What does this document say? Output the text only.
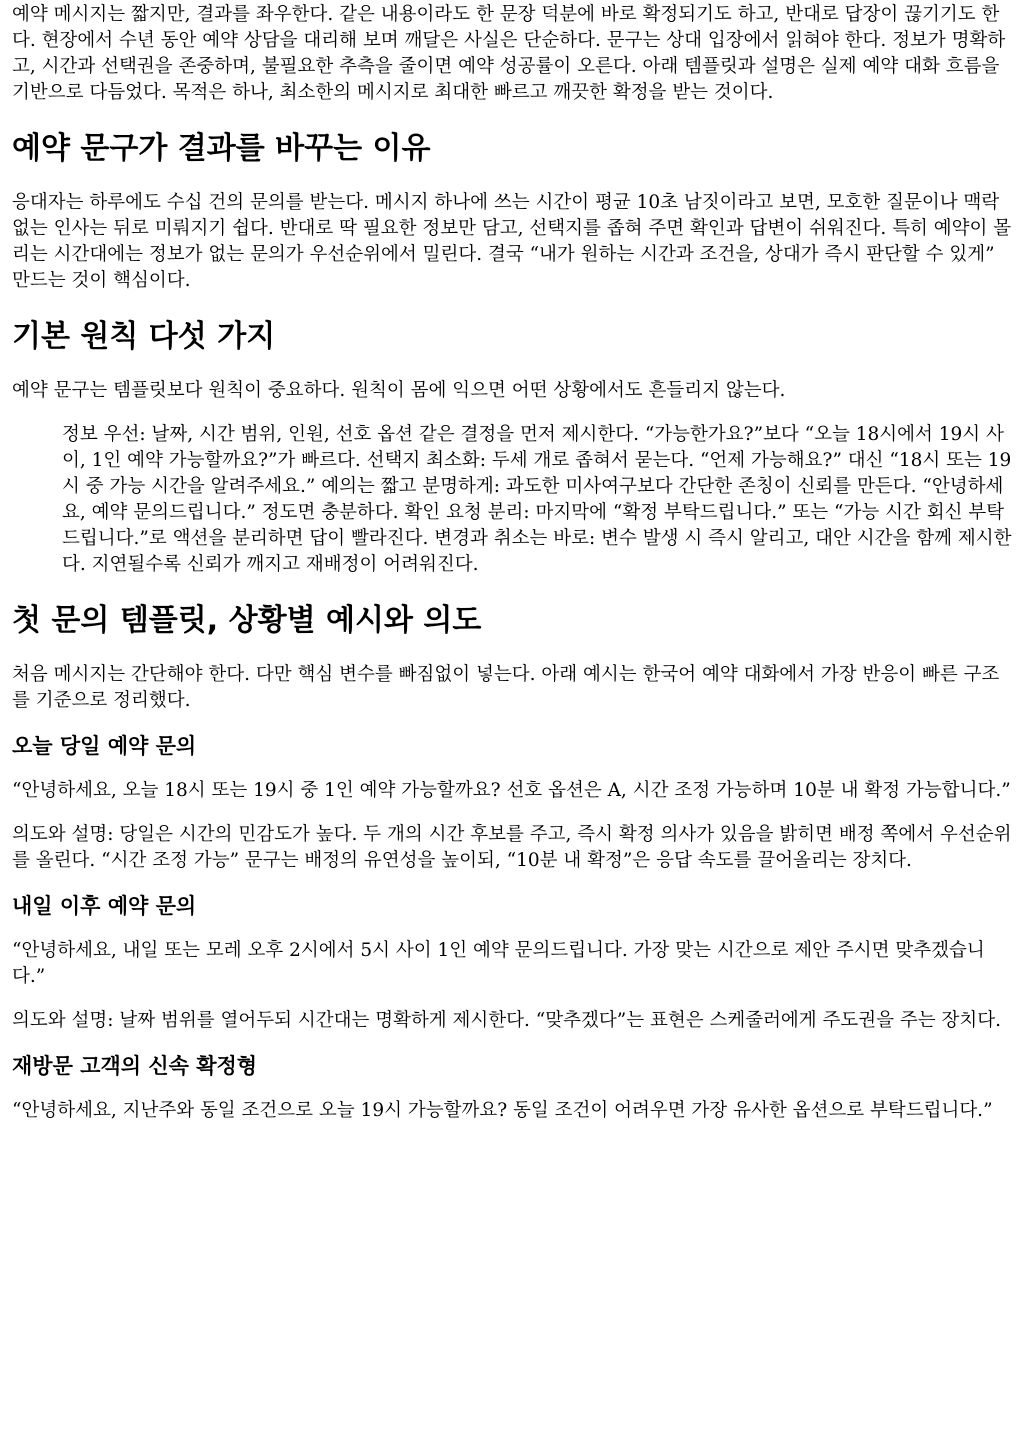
예약 메시지는 짧지만, 결과를 좌우한다. 같은 내용이라도 한 문장 덕분에 바로 확정되기도 하고, 반대로 답장이 끊기기도 한다. 현장에서 수년 동안 예약 상담을 대리해 보며 깨달은 사실은 단순하다. 문구는 상대 입장에서 읽혀야 한다. 정보가 명확하고, 시간과 선택권을 존중하며, 불필요한 추측을 줄이면 예약 성공률이 오른다. 아래 템플릿과 설명은 실제 예약 대화 흐름을 기반으로 다듬었다. 목적은 하나, 최소한의 메시지로 최대한 빠르고 깨끗한 확정을 받는 것이다.

예약 문구가 결과를 바꾸는 이유

응대자는 하루에도 수십 건의 문의를 받는다. 메시지 하나에 쓰는 시간이 평균 10초 남짓이라고 보면, 모호한 질문이나 맥락 없는 인사는 뒤로 미뤄지기 쉽다. 반대로 딱 필요한 정보만 담고, 선택지를 좁혀 주면 확인과 답변이 쉬워진다. 특히 예약이 몰리는 시간대에는 정보가 없는 문의가 우선순위에서 밀린다. 결국 “내가 원하는 시간과 조건을, 상대가 즉시 판단할 수 있게” 만드는 것이 핵심이다.

기본 원칙 다섯 가지

예약 문구는 템플릿보다 원칙이 중요하다. 원칙이 몸에 익으면 어떤 상황에서도 흔들리지 않는다.

정보 우선: 날짜, 시간 범위, 인원, 선호 옵션 같은 결정을 먼저 제시한다. “가능한가요?”보다 “오늘 18시에서 19시 사이, 1인 예약 가능할까요?”가 빠르다. 선택지 최소화: 두세 개로 좁혀서 묻는다. “언제 가능해요?” 대신 “18시 또는 19시 중 가능 시간을 알려주세요.” 예의는 짧고 분명하게: 과도한 미사여구보다 간단한 존칭이 신뢰를 만든다. “안녕하세요, 예약 문의드립니다.” 정도면 충분하다. 확인 요청 분리: 마지막에 “확정 부탁드립니다.” 또는 “가능 시간 회신 부탁드립니다.”로 액션을 분리하면 답이 빨라진다. 변경과 취소는 바로: 변수 발생 시 즉시 알리고, 대안 시간을 함께 제시한다. 지연될수록 신뢰가 깨지고 재배정이 어려워진다.
첫 문의 템플릿, 상황별 예시와 의도

처음 메시지는 간단해야 한다. 다만 핵심 변수를 빠짐없이 넣는다. 아래 예시는 한국어 예약 대화에서 가장 반응이 빠른 구조를 기준으로 정리했다.

오늘 당일 예약 문의

“안녕하세요, 오늘 18시 또는 19시 중 1인 예약 가능할까요? 선호 옵션은 A, 시간 조정 가능하며 10분 내 확정 가능합니다.”

의도와 설명: 당일은 시간의 민감도가 높다. 두 개의 시간 후보를 주고, 즉시 확정 의사가 있음을 밝히면 배정 쪽에서 우선순위를 올린다. “시간 조정 가능” 문구는 배정의 유연성을 높이되, “10분 내 확정”은 응답 속도를 끌어올리는 장치다.

내일 이후 예약 문의

“안녕하세요, 내일 또는 모레 오후 2시에서 5시 사이 1인 예약 문의드립니다. 가장 맞는 시간으로 제안 주시면 맞추겠습니다.”

의도와 설명: 날짜 범위를 열어두되 시간대는 명확하게 제시한다. “맞추겠다”는 표현은 스케줄러에게 주도권을 주는 장치다.

재방문 고객의 신속 확정형

“안녕하세요, 지난주와 동일 조건으로 오늘 19시 가능할까요? 동일 조건이 어려우면 가장 유사한 옵션으로 부탁드립니다.”
